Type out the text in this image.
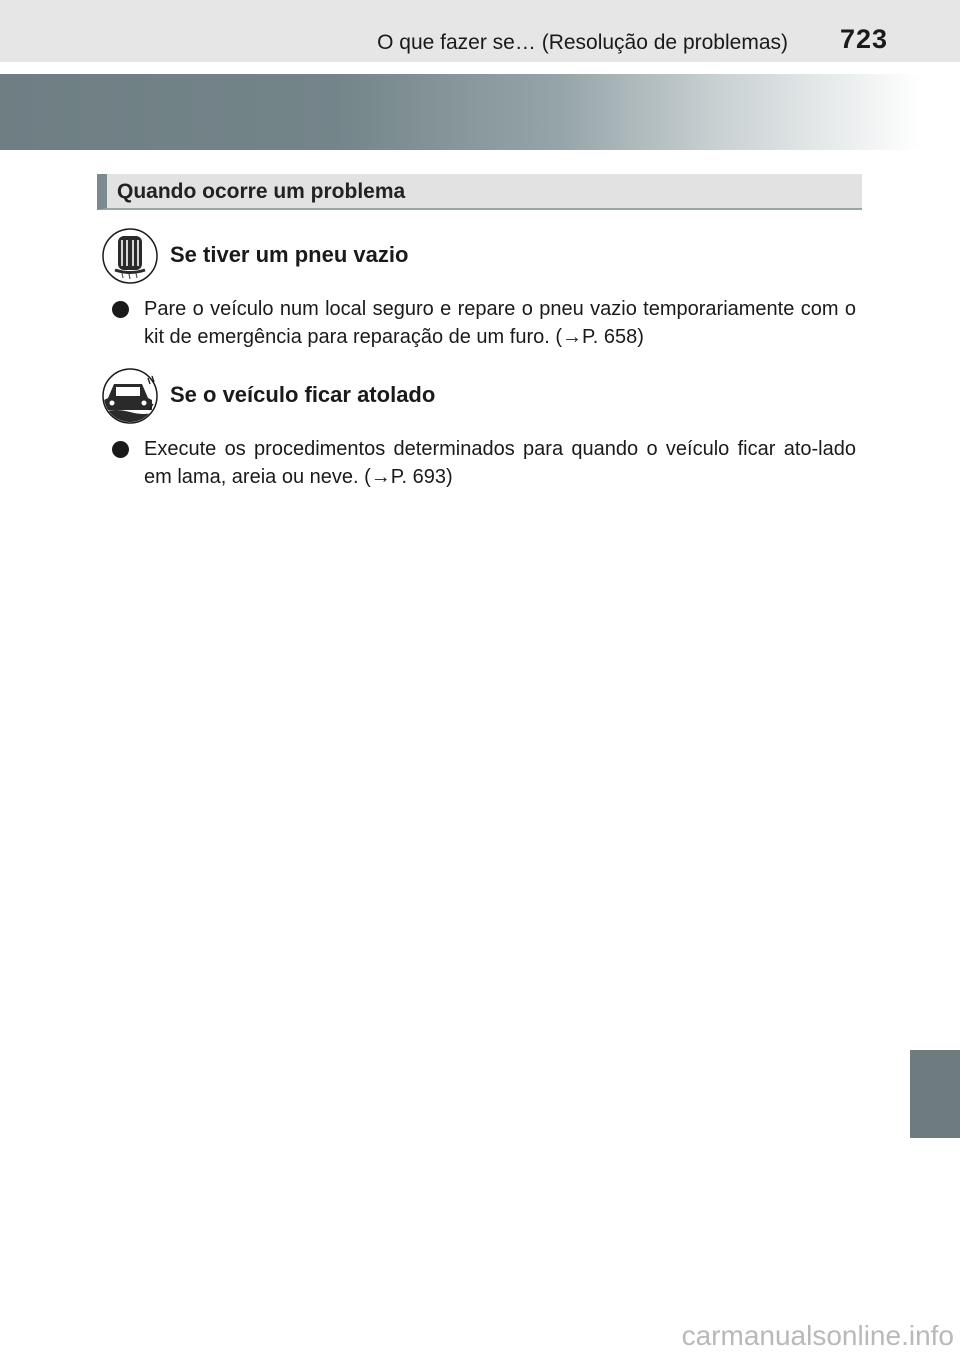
O que fazer se… (Resolução de problemas) 723
Quando ocorre um problema
Se tiver um pneu vazio
Pare o veículo num local seguro e repare o pneu vazio temporariamente com o kit de emergência para reparação de um furo. (→P. 658)
Se o veículo ficar atolado
Execute os procedimentos determinados para quando o veículo ficar ato-lado em lama, areia ou neve. (→P. 693)
carmanualsonline.info
